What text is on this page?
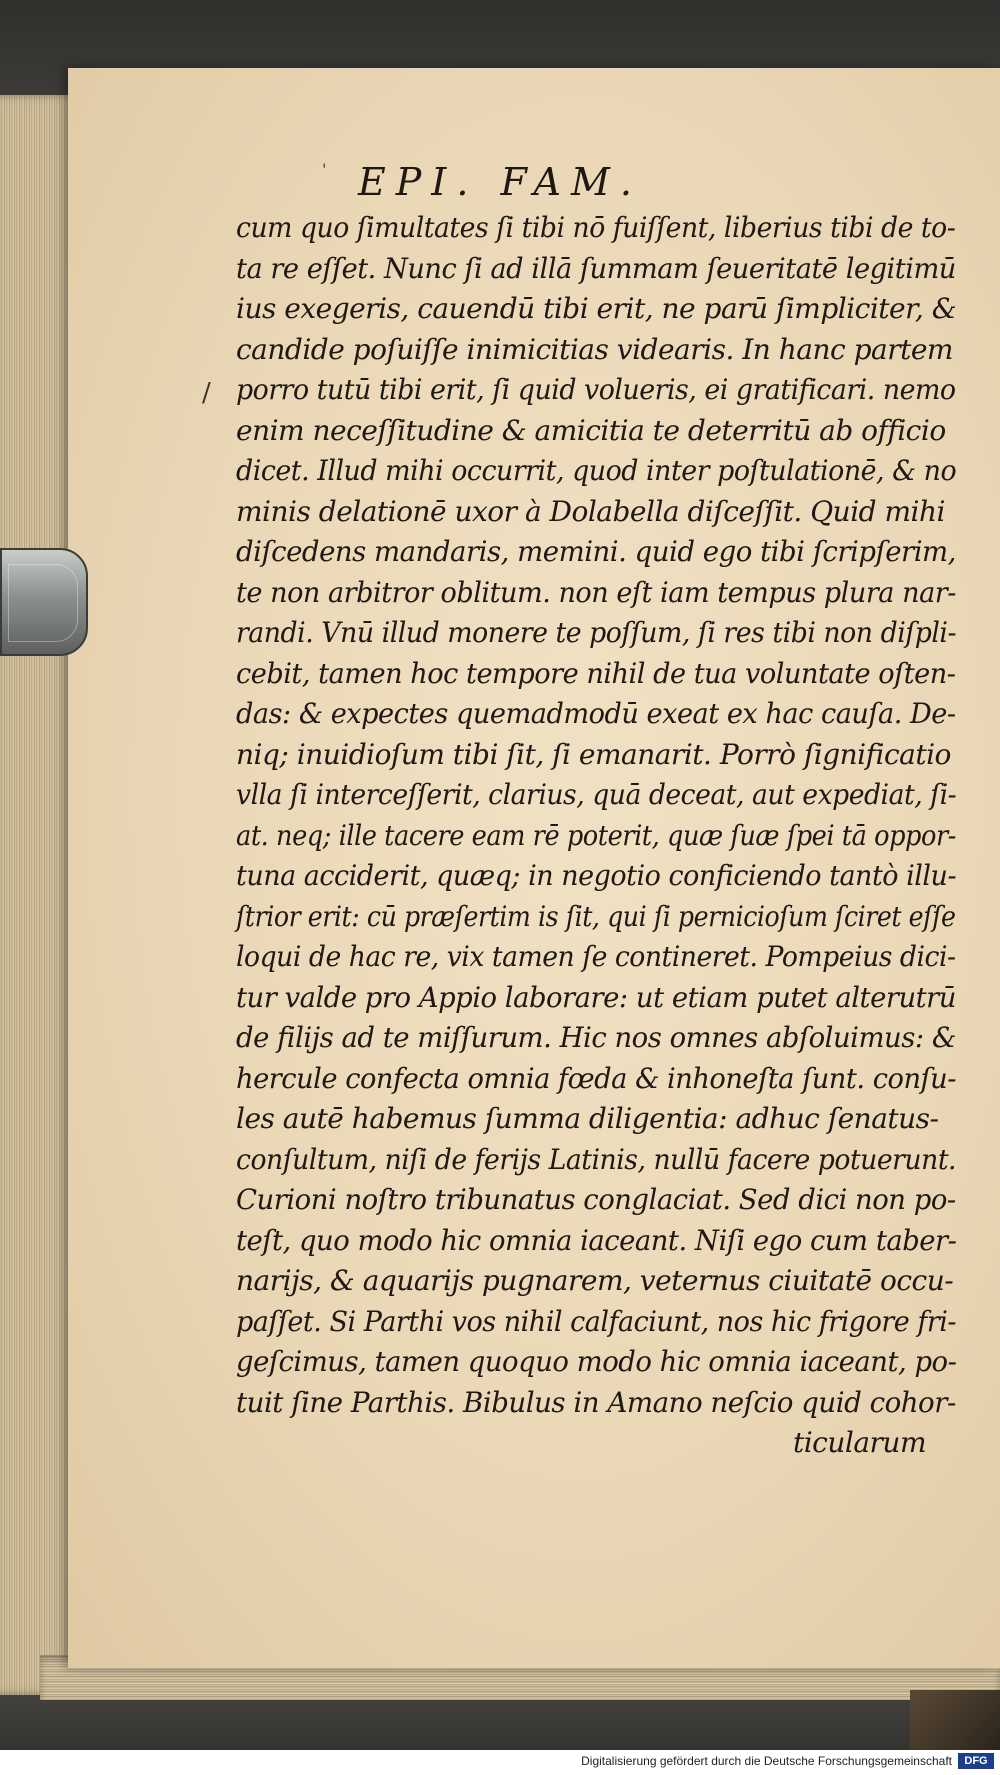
' EPI. FAM.
/
cum quo ſimultates ſi tibi nō fuiſſent, liberius tibi de to-
ta re eſſet. Nunc ſi ad illā ſummam ſeueritatē legitimū
ius exegeris, cauendū tibi erit, ne parū ſimpliciter, &
candide poſuiſſe inimicitias videaris. In hanc partem
porro tutū tibi erit, ſi quid volueris, ei gratificari. nemo
enim neceſſitudine & amicitia te deterritū ab officio
dicet. Illud mihi occurrit, quod inter poſtulationē, & no
minis delationē uxor à Dolabella diſceſſit. Quid mihi
diſcedens mandaris, memini. quid ego tibi ſcripſerim,
te non arbitror oblitum. non eſt iam tempus plura nar-
randi. Vnū illud monere te poſſum, ſi res tibi non diſpli-
cebit, tamen hoc tempore nihil de tua voluntate oſten-
das: & expectes quemadmodū exeat ex hac cauſa. De-
niq; inuidioſum tibi ſit, ſi emanarit. Porrò ſignificatio
vlla ſi interceſſerit, clarius, quā deceat, aut expediat, ſi-
at. neq; ille tacere eam rē poterit, quæ ſuæ ſpei tā oppor-
tuna acciderit, quæq; in negotio conficiendo tantò illu-
ſtrior erit: cū præſertim is ſit, qui ſi pernicioſum ſciret eſſe
loqui de hac re, vix tamen ſe contineret. Pompeius dici-
tur valde pro Appio laborare: ut etiam putet alterutrū
de filijs ad te miſſurum. Hic nos omnes abſoluimus: &
hercule confecta omnia fœda & inhoneſta ſunt. conſu-
les autē habemus ſumma diligentia: adhuc ſenatus-
conſultum, niſi de ferijs Latinis, nullū facere potuerunt.
Curioni noſtro tribunatus conglaciat. Sed dici non po-
teſt, quo modo hic omnia iaceant. Niſi ego cum taber-
narijs, & aquarijs pugnarem, veternus ciuitatē occu-
paſſet. Si Parthi vos nihil calfaciunt, nos hic frigore fri-
geſcimus, tamen quoquo modo hic omnia iaceant, po-
tuit ſine Parthis. Bibulus in Amano neſcio quid cohor-
ticularum
Digitalisierung gefördert durch die Deutsche Forschungsgemeinschaft	DFG
